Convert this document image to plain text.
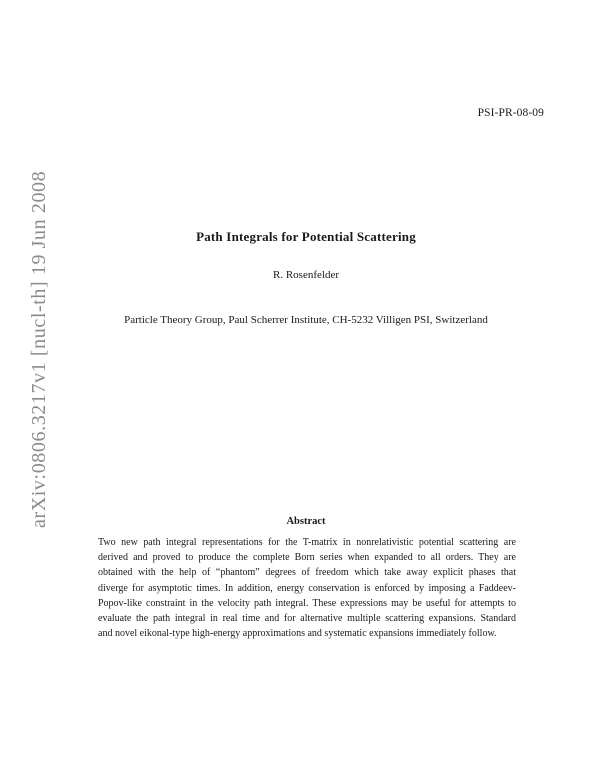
PSI-PR-08-09
arXiv:0806.3217v1 [nucl-th] 19 Jun 2008	Path Integrals for Potential Scattering
R. Rosenfelder
Particle Theory Group, Paul Scherrer Institute, CH-5232 Villigen PSI, Switzerland
Abstract
Two new path integral representations for the T-matrix in nonrelativistic potential scattering are
derived and proved to produce the complete Born series when expanded to all orders. They are
obtained with the help of “phantom” degrees of freedom which take away explicit phases that
diverge for asymptotic times. In addition, energy conservation is enforced by imposing a Faddeev-
Popov-like constraint in the velocity path integral. These expressions may be useful for attempts to
evaluate the path integral in real time and for alternative multiple scattering expansions. Standard
and novel eikonal-type high-energy approximations and systematic expansions immediately follow.
